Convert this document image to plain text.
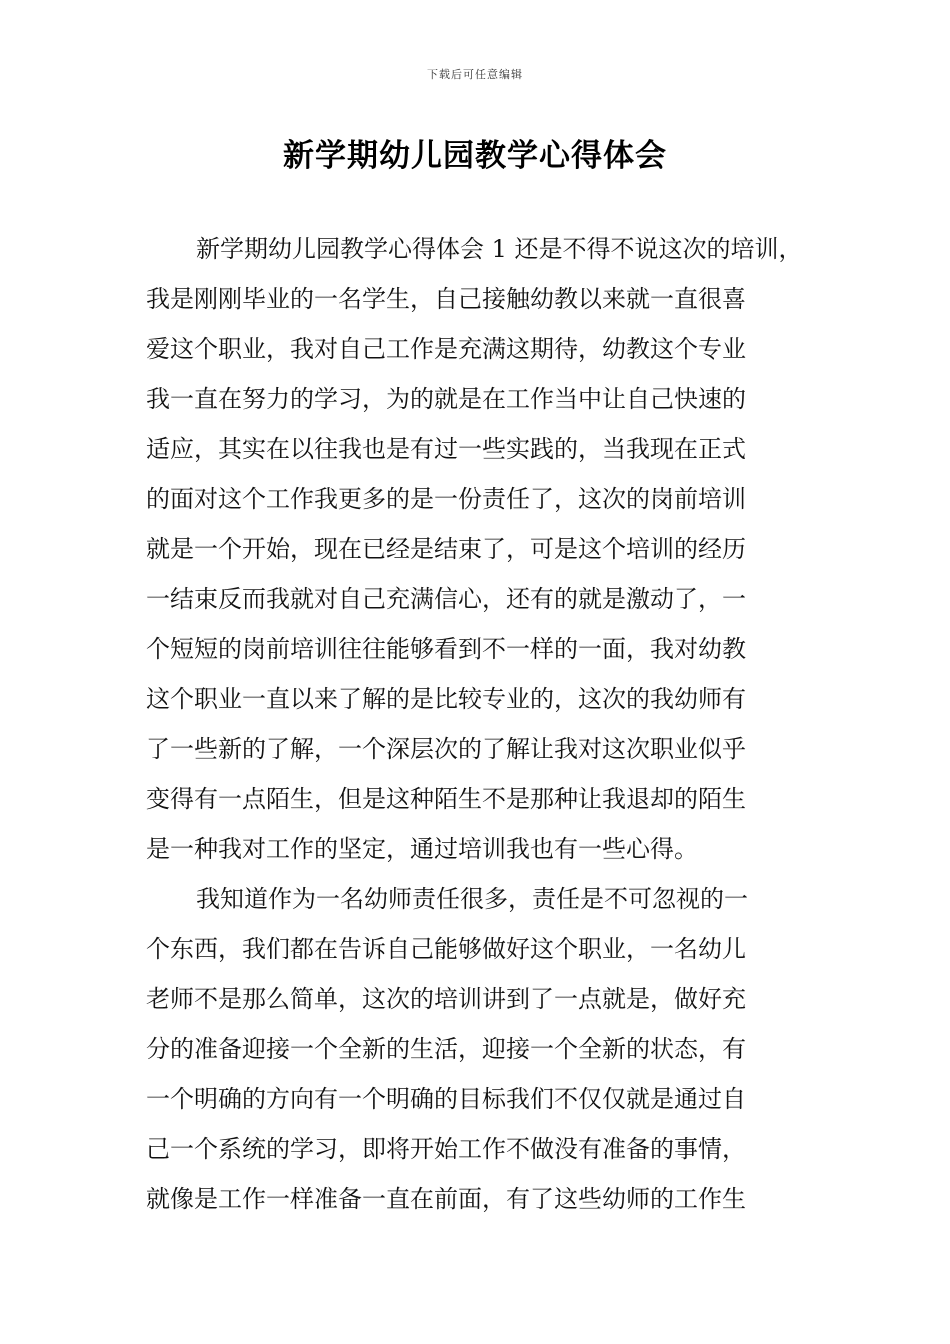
下载后可任意编辑
新学期幼儿园教学心得体会
新学期幼儿园教学心得体会 1 还是不得不说这次的培训，
我是刚刚毕业的一名学生，自己接触幼教以来就一直很喜
爱这个职业，我对自己工作是充满这期待，幼教这个专业
我一直在努力的学习，为的就是在工作当中让自己快速的
适应，其实在以往我也是有过一些实践的，当我现在正式
的面对这个工作我更多的是一份责任了，这次的岗前培训
就是一个开始，现在已经是结束了，可是这个培训的经历
一结束反而我就对自己充满信心，还有的就是激动了，一
个短短的岗前培训往往能够看到不一样的一面，我对幼教
这个职业一直以来了解的是比较专业的，这次的我幼师有
了一些新的了解，一个深层次的了解让我对这次职业似乎
变得有一点陌生，但是这种陌生不是那种让我退却的陌生
是一种我对工作的坚定，通过培训我也有一些心得。
我知道作为一名幼师责任很多，责任是不可忽视的一
个东西，我们都在告诉自己能够做好这个职业，一名幼儿
老师不是那么简单，这次的培训讲到了一点就是，做好充
分的准备迎接一个全新的生活，迎接一个全新的状态，有
一个明确的方向有一个明确的目标我们不仅仅就是通过自
己一个系统的学习，即将开始工作不做没有准备的事情，
就像是工作一样准备一直在前面，有了这些幼师的工作生
